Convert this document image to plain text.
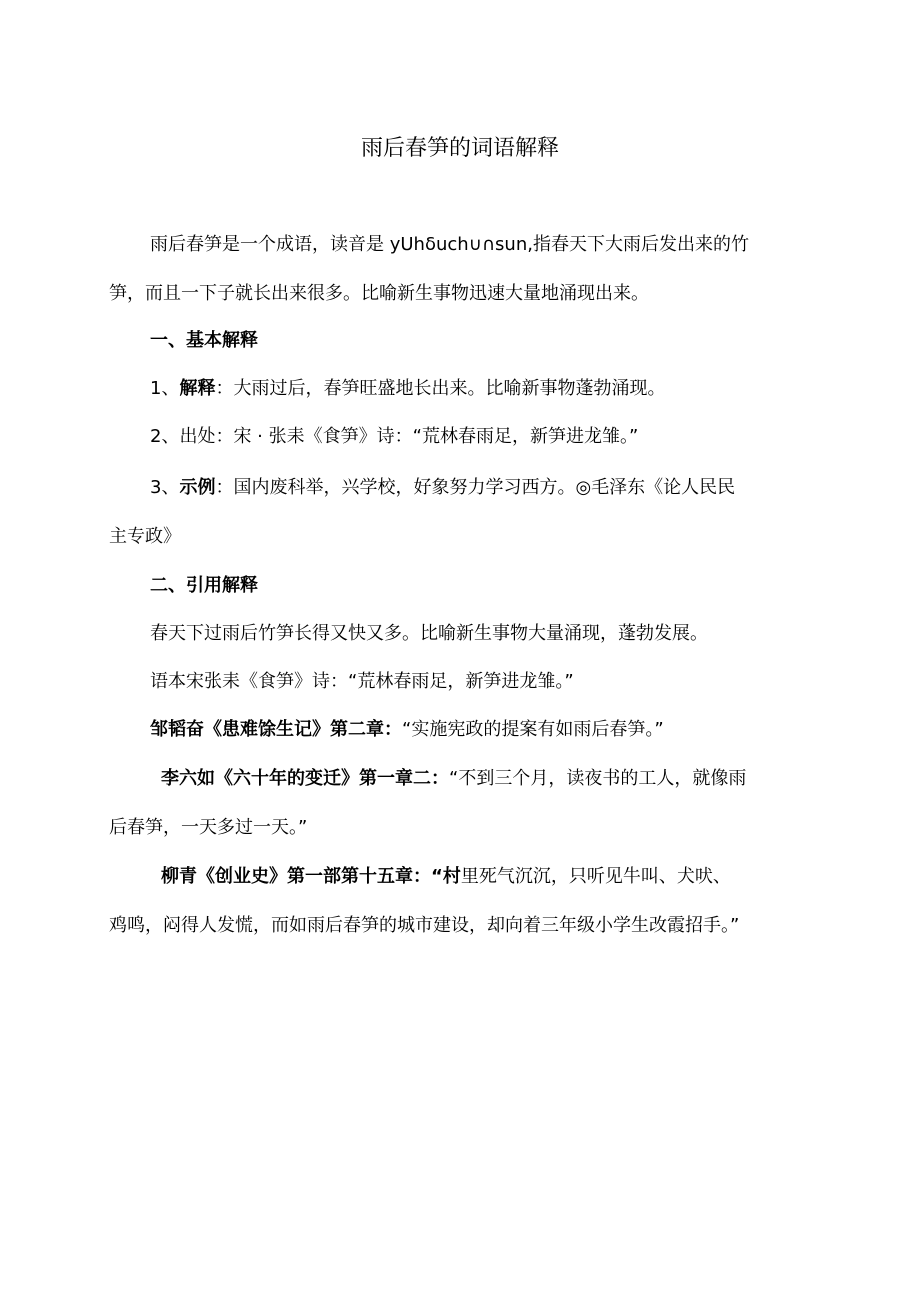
雨后春笋的词语解释

雨后春笋是一个成语，读音是 yUhδuch∪∩sun,指春天下大雨后发出来的竹

笋，而且一下子就长出来很多。比喻新生事物迅速大量地涌现出来。

一、基本解释

1、解释：大雨过后，春笋旺盛地长出来。比喻新事物蓬勃涌现。

2、出处：宋 · 张耒《食笋》诗：“荒林春雨足，新笋进龙雏。”

3、示例：国内废科举，兴学校，好象努力学习西方。◎毛泽东《论人民民

主专政》

二、引用解释

春天下过雨后竹笋长得又快又多。比喻新生事物大量涌现，蓬勃发展。

语本宋张耒《食笋》诗：“荒林春雨足，新笋进龙雏。”

邹韬奋《患难馀生记》第二章：“实施宪政的提案有如雨后春笋。”

李六如《六十年的变迁》第一章二：“不到三个月，读夜书的工人，就像雨

后春笋，一天多过一天。”

柳青《创业史》第一部第十五章：“村里死气沉沉，只听见牛叫、犬吠、

鸡鸣，闷得人发慌，而如雨后春笋的城市建设，却向着三年级小学生改霞招手。”
